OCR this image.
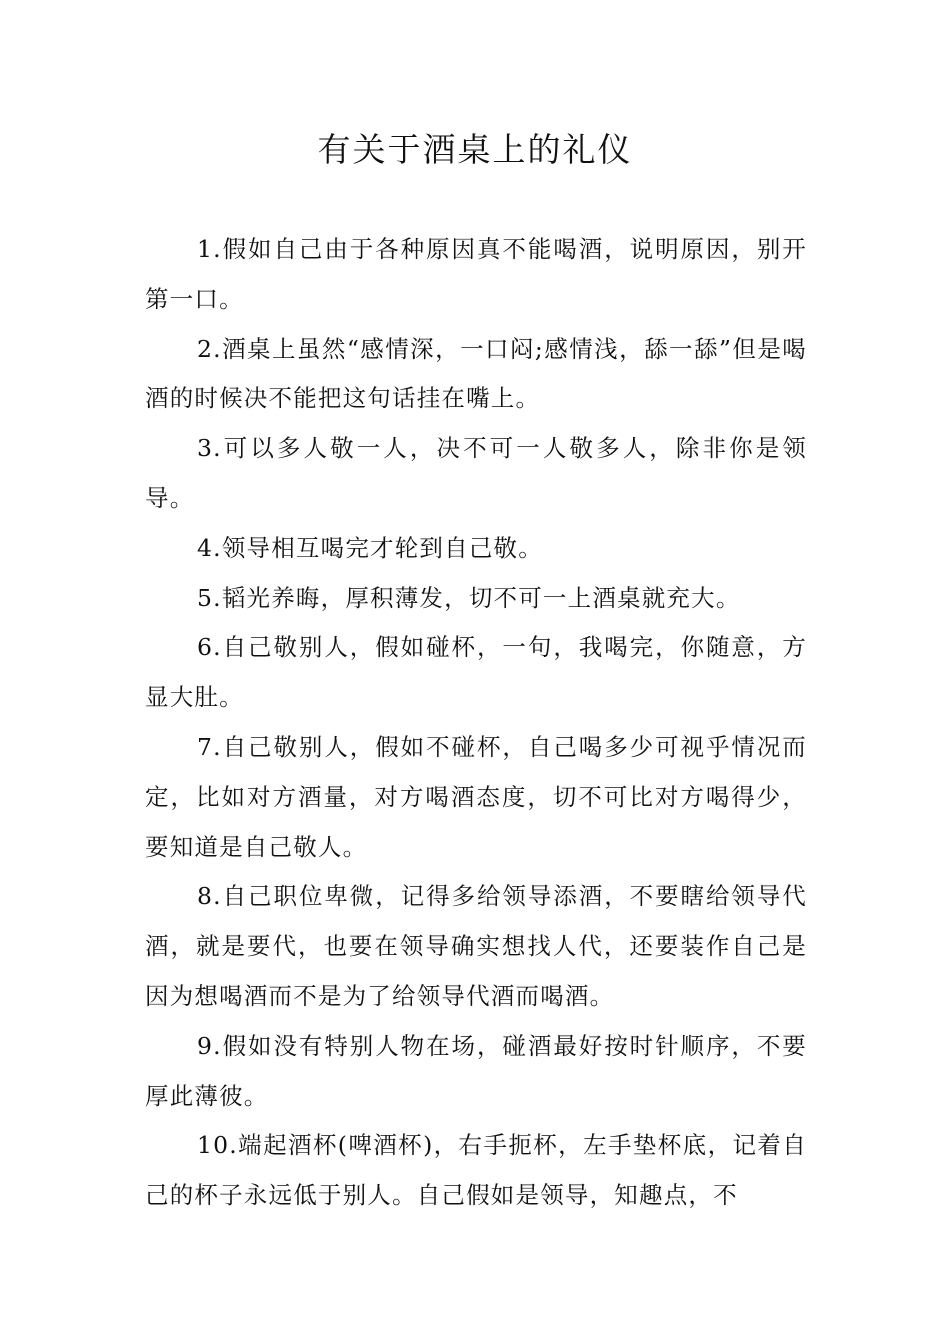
有关于酒桌上的礼仪

1.假如自己由于各种原因真不能喝酒，说明原因，别开第一口。

2.酒桌上虽然“感情深，一口闷;感情浅，舔一舔”但是喝酒的时候决不能把这句话挂在嘴上。

3.可以多人敬一人，决不可一人敬多人，除非你是领导。

4.领导相互喝完才轮到自己敬。

5.韬光养晦，厚积薄发，切不可一上酒桌就充大。

6.自己敬别人，假如碰杯，一句，我喝完，你随意，方显大肚。

7.自己敬别人，假如不碰杯，自己喝多少可视乎情况而定，比如对方酒量，对方喝酒态度，切不可比对方喝得少，要知道是自己敬人。

8.自己职位卑微，记得多给领导添酒，不要瞎给领导代酒，就是要代，也要在领导确实想找人代，还要装作自己是因为想喝酒而不是为了给领导代酒而喝酒。

9.假如没有特别人物在场，碰酒最好按时针顺序，不要厚此薄彼。

10.端起酒杯(啤酒杯)，右手扼杯，左手垫杯底，记着自己的杯子永远低于别人。自己假如是领导，知趣点，不
